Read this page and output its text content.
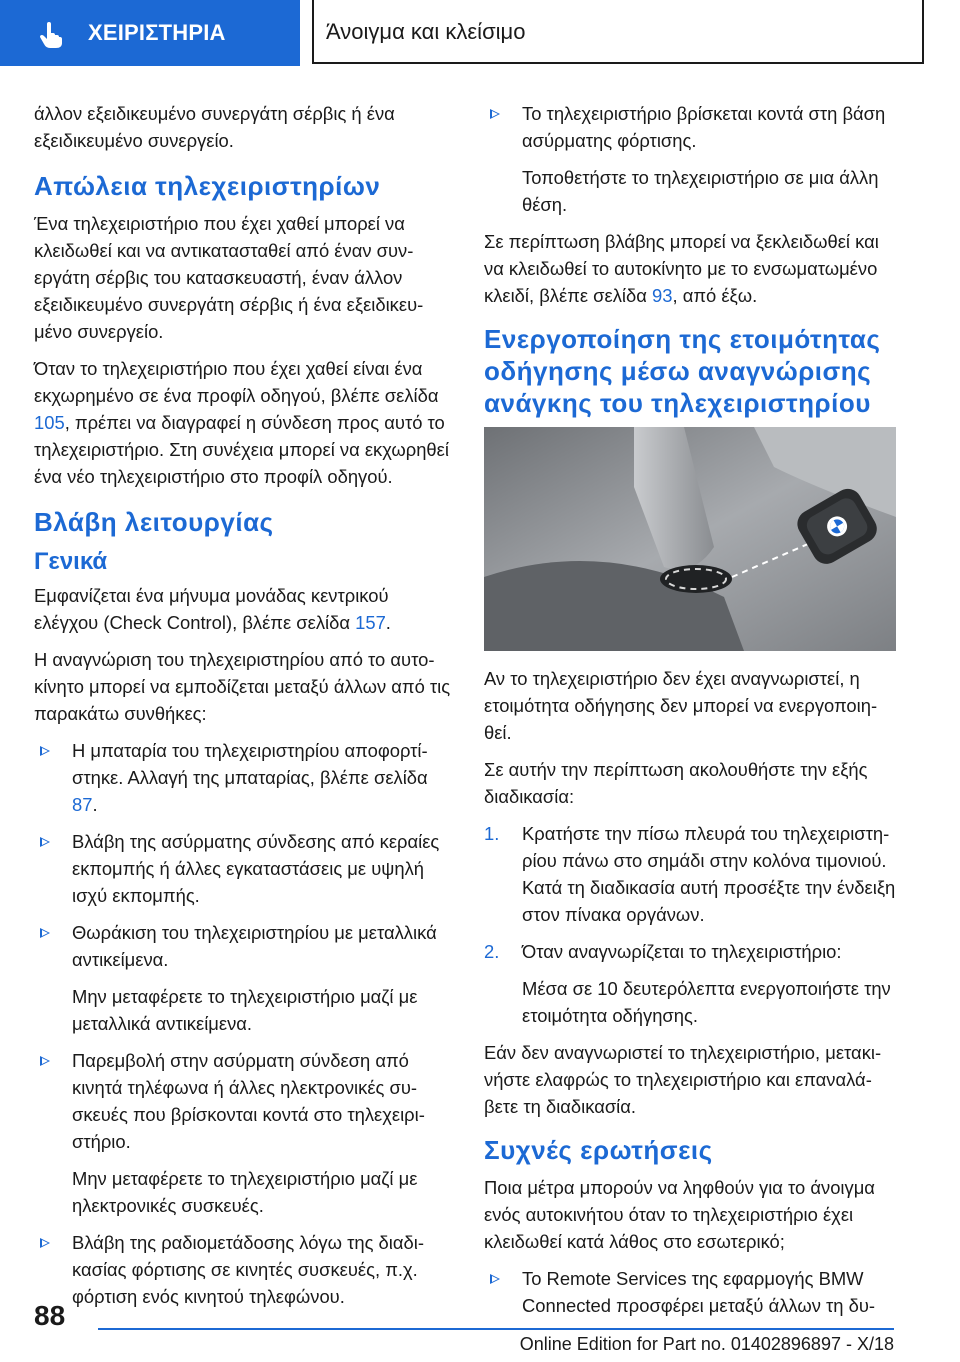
ΧΕΙΡΙΣΤΗΡΙΑ	Άνοιγμα και κλείσιμο

άλλον εξειδικευμένο συνεργάτη σέρβις ή ένα εξειδικευμένο συνεργείο.

Απώλεια τηλεχειριστηρίων

Ένα τηλεχειριστήριο που έχει χαθεί μπορεί να κλειδωθεί και να αντικατασταθεί από έναν συνεργάτη σέρβις του κατασκευαστή, έναν άλλον εξειδικευμένο συνεργάτη σέρβις ή ένα εξειδικευμένο συνεργείο.

Όταν το τηλεχειριστήριο που έχει χαθεί είναι ένα εκχωρημένο σε ένα προφίλ οδηγού, βλέπε σελίδα 105, πρέπει να διαγραφεί η σύνδεση προς αυτό το τηλεχειριστήριο. Στη συνέχεια μπορεί να εκχωρηθεί ένα νέο τηλεχειριστήριο στο προφίλ οδηγού.

Βλάβη λειτουργίας
Γενικά

Εμφανίζεται ένα μήνυμα μονάδας κεντρικού ελέγχου (Check Control), βλέπε σελίδα 157.

Η αναγνώριση του τηλεχειριστηρίου από το αυτοκίνητο μπορεί να εμποδίζεται μεταξύ άλλων από τις παρακάτω συνθήκες:

Η μπαταρία του τηλεχειριστηρίου αποφορτίστηκε. Αλλαγή της μπαταρίας, βλέπε σελίδα 87.

Βλάβη της ασύρματης σύνδεσης από κεραίες εκπομπής ή άλλες εγκαταστάσεις με υψηλή ισχύ εκπομπής.

Θωράκιση του τηλεχειριστηρίου με μεταλλικά αντικείμενα.

Μην μεταφέρετε το τηλεχειριστήριο μαζί με μεταλλικά αντικείμενα.

Παρεμβολή στην ασύρματη σύνδεση από κινητά τηλέφωνα ή άλλες ηλεκτρονικές συσκευές που βρίσκονται κοντά στο τηλεχειριστήριο.

Μην μεταφέρετε το τηλεχειριστήριο μαζί με ηλεκτρονικές συσκευές.

Βλάβη της ραδιομετάδοσης λόγω της διαδικασίας φόρτισης σε κινητές συσκευές, π.χ. φόρτιση ενός κινητού τηλεφώνου.

Το τηλεχειριστήριο βρίσκεται κοντά στη βάση ασύρματης φόρτισης.

Τοποθετήστε το τηλεχειριστήριο σε μια άλλη θέση.

Σε περίπτωση βλάβης μπορεί να ξεκλειδωθεί και να κλειδωθεί το αυτοκίνητο με το ενσωματωμένο κλειδί, βλέπε σελίδα 93, από έξω.

Ενεργοποίηση της ετοιμότητας οδήγησης μέσω αναγνώρισης ανάγκης του τηλεχειριστηρίου

Αν το τηλεχειριστήριο δεν έχει αναγνωριστεί, η ετοιμότητα οδήγησης δεν μπορεί να ενεργοποιηθεί.

Σε αυτήν την περίπτωση ακολουθήστε την εξής διαδικασία:

1. Κρατήστε την πίσω πλευρά του τηλεχειριστηρίου πάνω στο σημάδι στην κολόνα τιμονιού. Κατά τη διαδικασία αυτή προσέξτε την ένδειξη στον πίνακα οργάνων.

2. Όταν αναγνωρίζεται το τηλεχειριστήριο:

Μέσα σε 10 δευτερόλεπτα ενεργοποιήστε την ετοιμότητα οδήγησης.

Εάν δεν αναγνωριστεί το τηλεχειριστήριο, μετακινήστε ελαφρώς το τηλεχειριστήριο και επαναλάβετε τη διαδικασία.

Συχνές ερωτήσεις

Ποια μέτρα μπορούν να ληφθούν για το άνοιγμα ενός αυτοκινήτου όταν το τηλεχειριστήριο έχει κλειδωθεί κατά λάθος στο εσωτερικό;

Το Remote Services της εφαρμογής BMW Connected προσφέρει μεταξύ άλλων τη δυ-

88
Online Edition for Part no. 01402896897 - X/18
